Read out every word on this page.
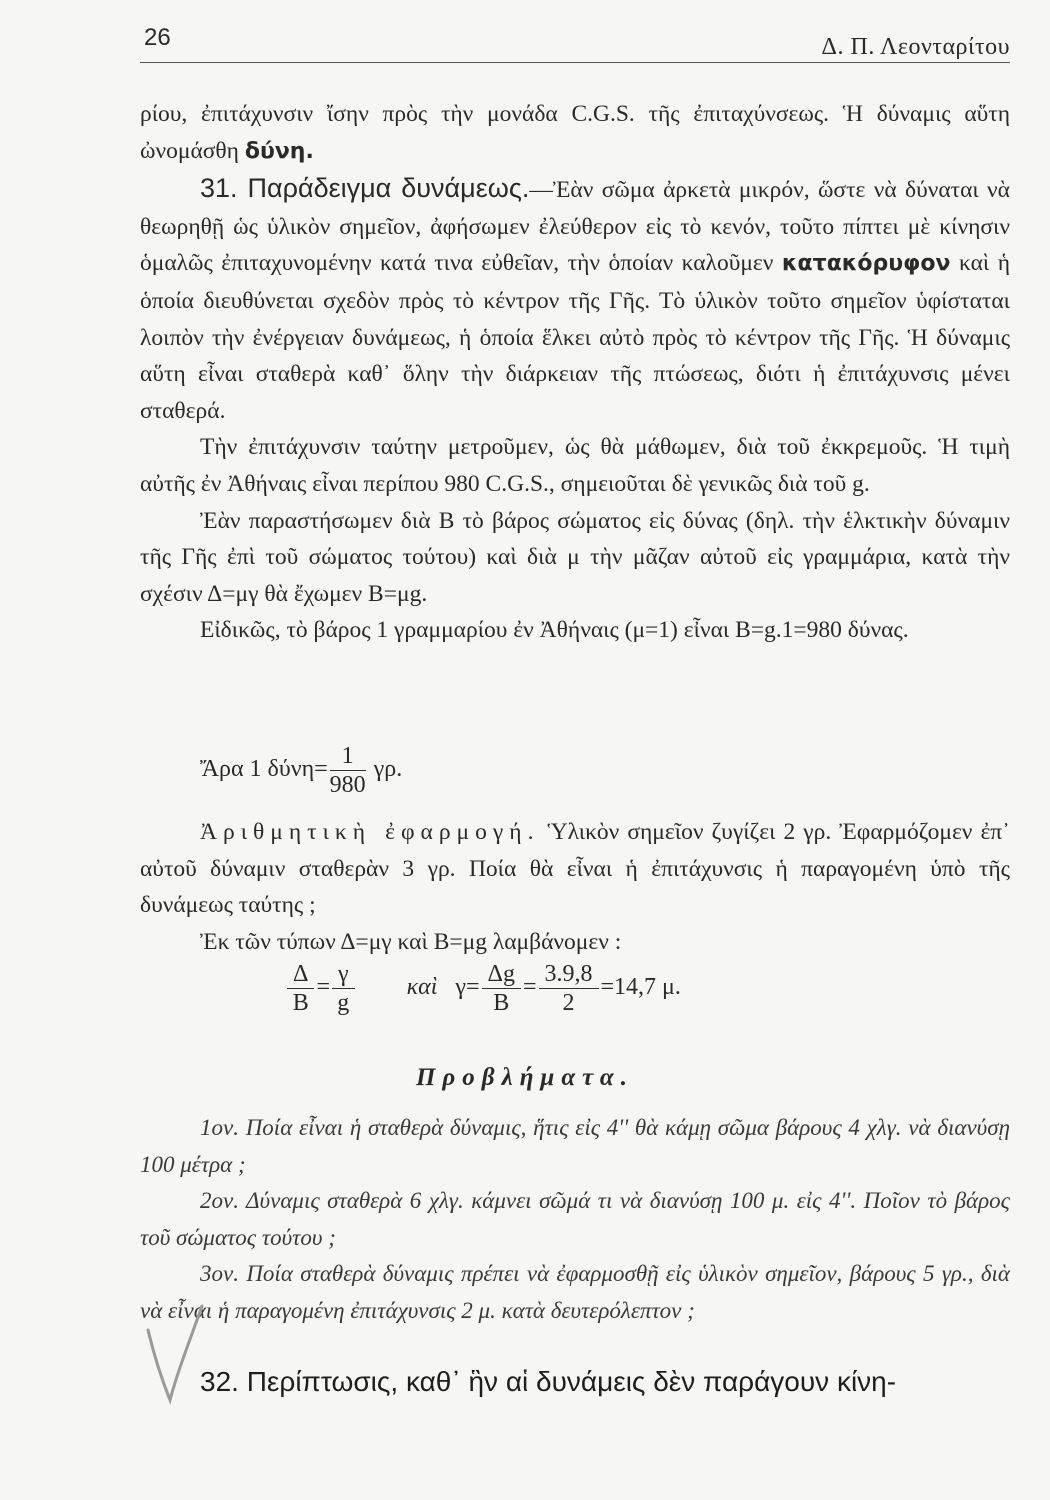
26	Δ. Π. Λεονταρίτου

ρίου, ἐπιτάχυνσιν ἴσην πρὸς τὴν μονάδα C.G.S. τῆς ἐπιταχύνσεως. Ἡ δύναμις αὕτη ὠνομάσθη δύνη.

31. Παράδειγμα δυνάμεως.—Ἐὰν σῶμα ἀρκετὰ μικρόν, ὥστε νὰ δύναται νὰ θεωρηθῇ ὡς ὑλικὸν σημεῖον, ἀφήσωμεν ἐλεύθερον εἰς τὸ κενόν, τοῦτο πίπτει μὲ κίνησιν ὁμαλῶς ἐπιταχυνομένην κατά τινα εὐθεῖαν, τὴν ὁποίαν καλοῦμεν κατακόρυφον καὶ ἡ ὁποία διευθύνεται σχεδὸν πρὸς τὸ κέντρον τῆς Γῆς. Τὸ ὑλικὸν τοῦτο σημεῖον ὑφίσταται λοιπὸν τὴν ἐνέργειαν δυνάμεως, ἡ ὁποία ἕλκει αὐτὸ πρὸς τὸ κέντρον τῆς Γῆς. Ἡ δύναμις αὕτη εἶναι σταθερὰ καθ᾽ ὅλην τὴν διάρκειαν τῆς πτώσεως, διότι ἡ ἐπιτάχυνσις μένει σταθερά.

Τὴν ἐπιτάχυνσιν ταύτην μετροῦμεν, ὡς θὰ μάθωμεν, διὰ τοῦ ἐκκρεμοῦς. Ἡ τιμὴ αὐτῆς ἐν Ἀθήναις εἶναι περίπου 980 C.G.S., σημειοῦται δὲ γενικῶς διὰ τοῦ g.

Ἐὰν παραστήσωμεν διὰ B τὸ βάρος σώματος εἰς δύνας (δηλ. τὴν ἑλκτικὴν δύναμιν τῆς Γῆς ἐπὶ τοῦ σώματος τούτου) καὶ διὰ μ τὴν μᾶζαν αὐτοῦ εἰς γραμμάρια, κατὰ τὴν σχέσιν Δ=μγ θὰ ἔχωμεν B=μg.

Εἰδικῶς, τὸ βάρος 1 γραμμαρίου ἐν Ἀθήναις (μ=1) εἶναι B=g.1=980 δύνας.

Ἄρα 1 $\delta ύ\nu\eta= \frac{1}{980} \gamma\rho$.

Ἀριθμητικὴ ἐφαρμογή. Ὑλικὸν σημεῖον ζυγίζει 2 γρ. Ἐφαρμόζομεν ἐπ᾽ αὐτοῦ δύναμιν σταθερὰν 3 γρ. Ποία θὰ εἶναι ἡ ἐπιτάχυνσις ἡ παραγομένη ὑπὸ τῆς δυνάμεως ταύτης ;

Ἐκ τῶν τύπων Δ=μγ καὶ B=μg λαμβάνομεν :

$\frac{\Delta}{B} = \frac{\gamma}{g}$ καὶ $\gamma= \frac{\Delta g}{B} = \frac{3.9,8}{2} =14,7$ μ.
Προβλήματα.

1ον. Ποία εἶναι ἡ σταθερὰ δύναμις, ἥτις εἰς 4'' θὰ κάμῃ σῶμα βάρους 4 χλγ. νὰ διανύσῃ 100 μέτρα ;

2ον. Δύναμις σταθερὰ 6 χλγ. κάμνει σῶμά τι νὰ διανύσῃ 100 μ. εἰς 4''. Ποῖον τὸ βάρος τοῦ σώματος τούτου ;

3ον. Ποία σταθερὰ δύναμις πρέπει νὰ ἐφαρμοσθῇ εἰς ὑλικὸν σημεῖον, βάρους 5 γρ., διὰ νὰ εἶναι ἡ παραγομένη ἐπιτάχυνσις 2 μ. κατὰ δευτερόλεπτον ;

32. Περίπτωσις, καθ᾽ ἣν αἱ δυνάμεις δὲν παράγουν κίνη-
